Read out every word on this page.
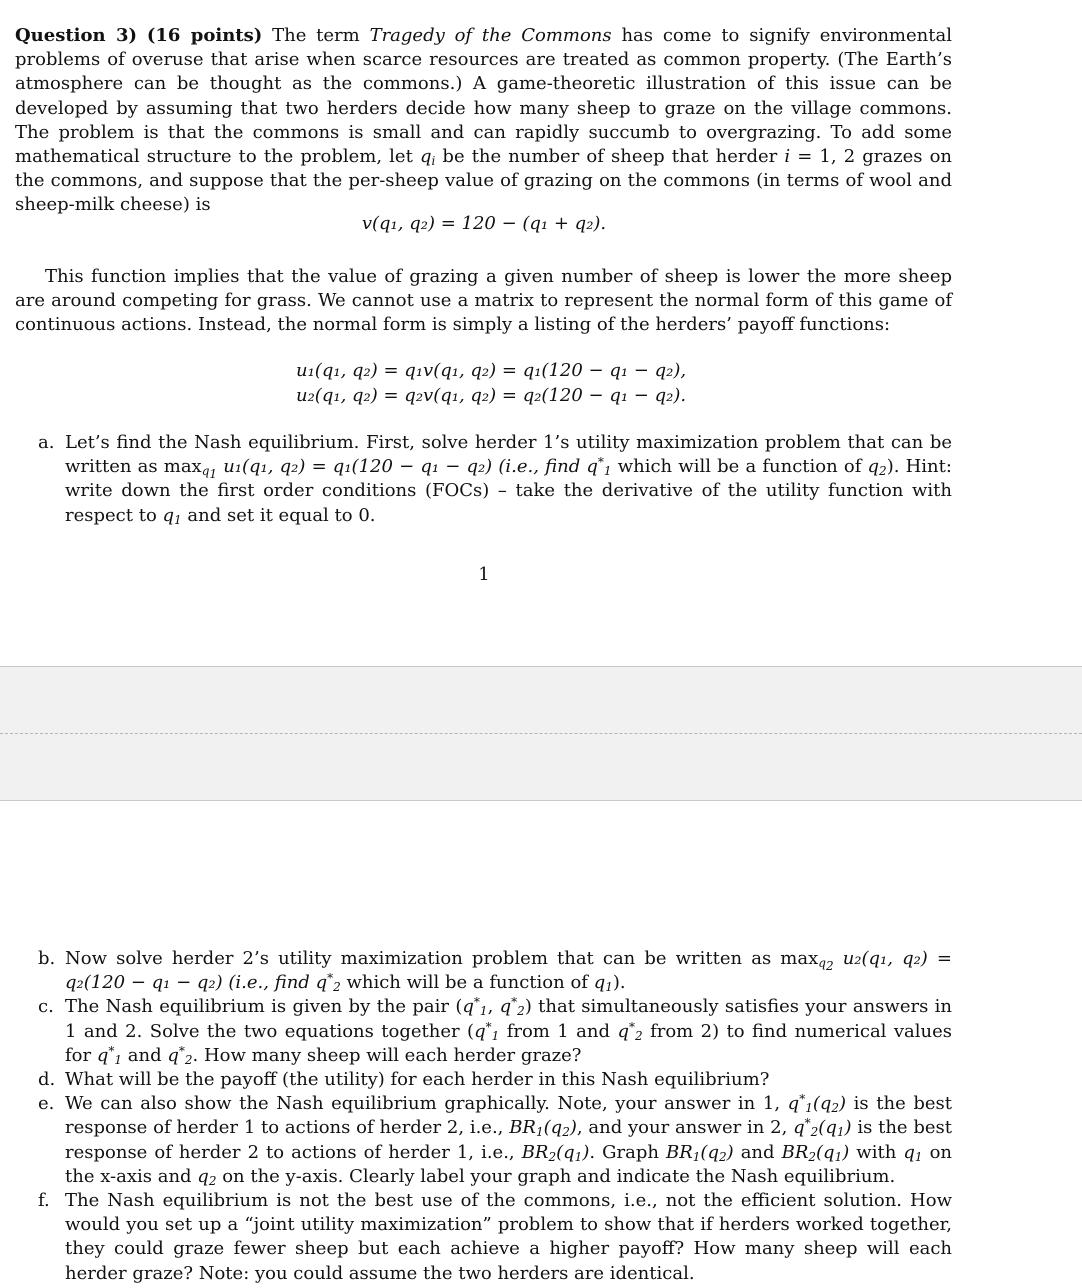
Question 3) (16 points) The term Tragedy of the Commons has come to signify environmental problems of overuse that arise when scarce resources are treated as common property. (The Earth’s atmosphere can be thought as the commons.) A game-theoretic illustration of this issue can be developed by assuming that two herders decide how many sheep to graze on the village commons. The problem is that the commons is small and can rapidly succumb to overgrazing. To add some mathematical structure to the problem, let $q_i$ be the number of sheep that herder i = 1, 2 grazes on the commons, and suppose that the per-sheep value of grazing on the commons (in terms of wool and sheep-milk cheese) is

v(q₁, q₂) = 120 − (q₁ + q₂).

This function implies that the value of grazing a given number of sheep is lower the more sheep are around competing for grass. We cannot use a matrix to represent the normal form of this game of continuous actions. Instead, the normal form is simply a listing of the herders’ payoff functions:

u₁(q₁, q₂) = q₁v(q₁, q₂) = q₁(120 − q₁ − q₂),
u₂(q₁, q₂) = q₂v(q₁, q₂) = q₂(120 − q₁ − q₂).
a. Let’s find the Nash equilibrium. First, solve herder 1’s utility maximization problem that can be written as $\max_{q_1} u_1(q_1$, q₂) = q₁(120 − q₁ − q₂) (i.e., find $q^*_1$ which will be a function of $q_2$). Hint: write down the first order conditions (FOCs) – take the derivative of the utility function with respect to $q_1$ and set it equal to 0.
1
b. Now solve herder 2’s utility maximization problem that can be written as $\max_{q_2} u_2(q_1$, q₂) = q₂(120 − q₁ − q₂) (i.e., find $q^*_2$ which will be a function of $q_1$).
c. The Nash equilibrium is given by the pair ($q^*_1$, $q^*_2$) that simultaneously satisfies your answers in 1 and 2. Solve the two equations together ($q^*_1$ from 1 and $q^*_2$ from 2) to find numerical values for $q^*_1$ and $q^*_2$. How many sheep will each herder graze?
d. What will be the payoff (the utility) for each herder in this Nash equilibrium?
e. We can also show the Nash equilibrium graphically. Note, your answer in 1, $q^*_1(q_2)$ is the best response of herder 1 to actions of herder 2, i.e., $BR_1(q_2)$, and your answer in 2, $q^*_2(q_1)$ is the best response of herder 2 to actions of herder 1, i.e., $BR_2(q_1)$. Graph $BR_1(q_2)$ and $BR_2(q_1)$ with $q_1$ on the x-axis and $q_2$ on the y-axis. Clearly label your graph and indicate the Nash equilibrium.
f. The Nash equilibrium is not the best use of the commons, i.e., not the efficient solution. How would you set up a “joint utility maximization” problem to show that if herders worked together, they could graze fewer sheep but each achieve a higher payoff? How many sheep will each herder graze? Note: you could assume the two herders are identical.
